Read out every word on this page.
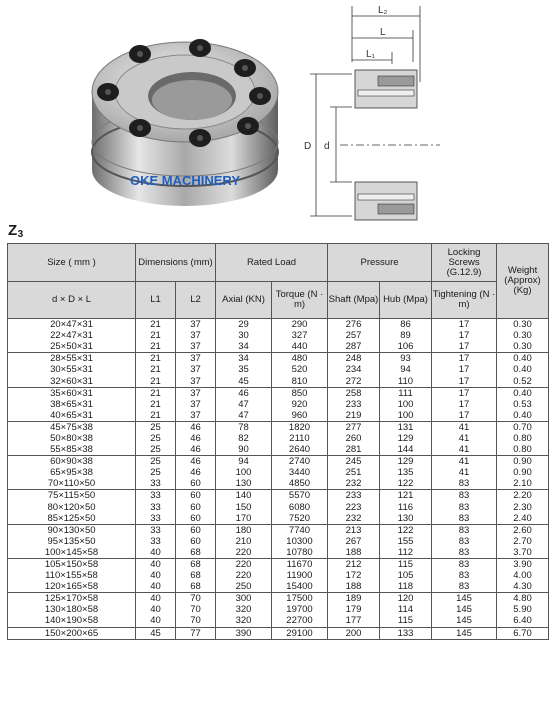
OKE MACHINERY
L₂
L
L₁
D d
$Z_3$
Size ( mm )	Dimensions (mm)		Rated Load		Pressure		Locking Screws (G.12.9)	Weight (Approx) (Kg)
d × D × L	L1	L2	Axial (KN)	Torque (N · m)	Shaft (Mpa)	Hub (Mpa)	Tightening (N · m)	
20×47×31	21	37	29	290	276	86	17	0.30
22×47×31	21	37	30	327	257	89	17	0.30
25×50×31	21	37	34	440	287	106	17	0.30
28×55×31	21	37	34	480	248	93	17	0.40
30×55×31	21	37	35	520	234	94	17	0.40
32×60×31	21	37	45	810	272	110	17	0.52
35×60×31	21	37	46	850	258	111	17	0.40
38×65×31	21	37	47	920	233	100	17	0.53
40×65×31	21	37	47	960	219	100	17	0.40
45×75×38	25	46	78	1820	277	131	41	0.70
50×80×38	25	46	82	2110	260	129	41	0.80
55×85×38	25	46	90	2640	281	144	41	0.80
60×90×38	25	46	94	2740	245	129	41	0.90
65×95×38	25	46	100	3440	251	135	41	0.90
70×110×50	33	60	130	4850	232	122	83	2.10
75×115×50	33	60	140	5570	233	121	83	2.20
80×120×50	33	60	150	6080	223	116	83	2.30
85×125×50	33	60	170	7520	232	130	83	2.40
90×130×50	33	60	180	7740	213	122	83	2.60
95×135×50	33	60	210	10300	267	155	83	2.70
100×145×58	40	68	220	10780	188	112	83	3.70
105×150×58	40	68	220	11670	212	115	83	3.90
110×155×58	40	68	220	11900	172	105	83	4.00
120×165×58	40	68	250	15400	188	118	83	4.30
125×170×58	40	70	300	17500	189	120	145	4.80
130×180×58	40	70	320	19700	179	114	145	5.90
140×190×58	40	70	320	22700	177	115	145	6.40
150×200×65	45	77	390	29100	200	133	145	6.70
